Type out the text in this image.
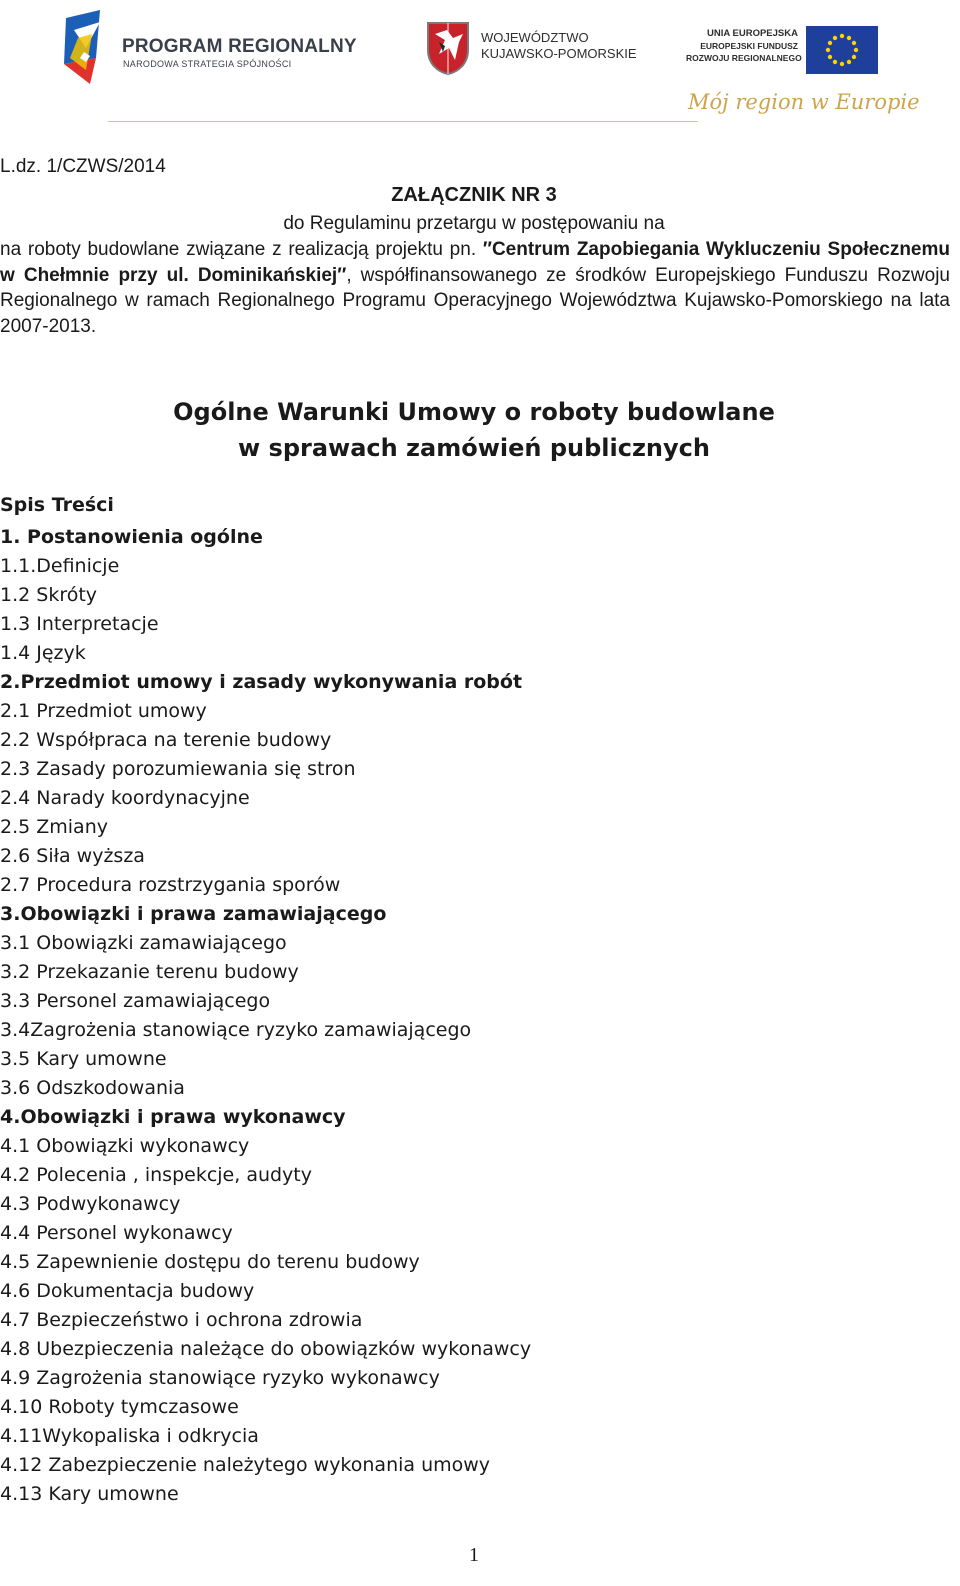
PROGRAM REGIONALNY
NARODOWA STRATEGIA SPÓJNOŚCI
WOJEWÓDZTWO
KUJAWSKO-POMORSKIE
UNIA EUROPEJSKA
EUROPEJSKI FUNDUSZ
ROZWOJU REGIONALNEGO
Mój region w Europie
L.dz. 1/CZWS/2014
ZAŁĄCZNIK NR 3
do Regulaminu przetargu w postępowaniu na
na roboty budowlane związane z realizacją projektu pn. ″Centrum Zapobiegania Wykluczeniu Społecznemu w Chełmnie przy ul. Dominikańskiej″, współfinansowanego ze środków Europejskiego Funduszu Rozwoju Regionalnego w ramach Regionalnego Programu Operacyjnego Województwa Kujawsko-Pomorskiego na lata 2007-2013.
Ogólne Warunki Umowy o roboty budowlane
w sprawach zamówień publicznych
Spis Treści
1. Postanowienia ogólne
1.1.Definicje
1.2 Skróty
1.3 Interpretacje
1.4 Język
2.Przedmiot umowy i zasady wykonywania robót
2.1 Przedmiot umowy
2.2 Współpraca na terenie budowy
2.3 Zasady porozumiewania się stron
2.4 Narady koordynacyjne
2.5 Zmiany
2.6 Siła wyższa
2.7 Procedura rozstrzygania sporów
3.Obowiązki i prawa zamawiającego
3.1 Obowiązki zamawiającego
3.2 Przekazanie terenu budowy
3.3 Personel zamawiającego
3.4Zagrożenia stanowiące ryzyko zamawiającego
3.5 Kary umowne
3.6 Odszkodowania
4.Obowiązki i prawa wykonawcy
4.1 Obowiązki wykonawcy
4.2 Polecenia , inspekcje, audyty
4.3 Podwykonawcy
4.4 Personel wykonawcy
4.5 Zapewnienie dostępu do terenu budowy
4.6 Dokumentacja budowy
4.7 Bezpieczeństwo i ochrona zdrowia
4.8 Ubezpieczenia należące do obowiązków wykonawcy
4.9 Zagrożenia stanowiące ryzyko wykonawcy
4.10 Roboty tymczasowe
4.11Wykopaliska i odkrycia
4.12 Zabezpieczenie należytego wykonania umowy
4.13 Kary umowne
1
